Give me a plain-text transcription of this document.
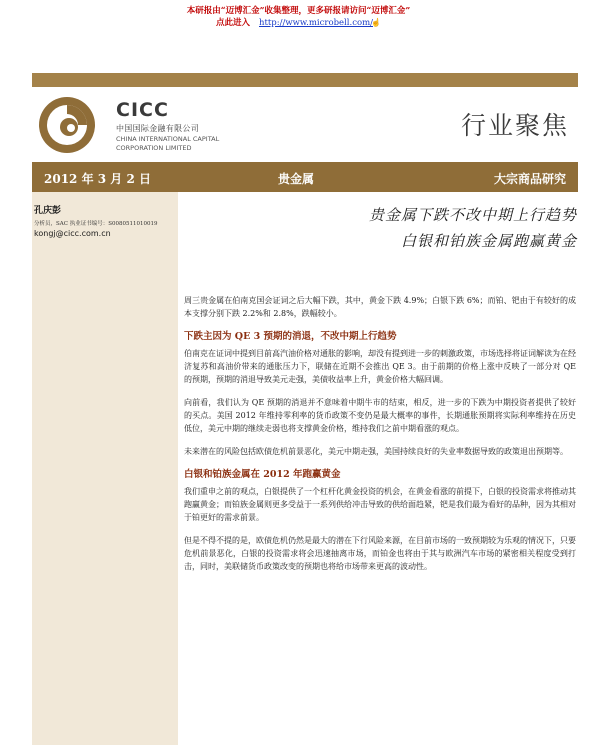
本研报由“迈博汇金”收集整理，更多研报请访问“迈博汇金”
点此进入 http://www.microbell.com/☝
CICC
中国国际金融有限公司
CHINA INTERNATIONAL CAPITAL
CORPORATION LIMITED
行业聚焦
2012 年 3 月 2 日	贵金属	大宗商品研究
孔庆彭
分析员，SAC 执业证书编号：S0080511010019
kongj@cicc.com.cn
贵金属下跌不改中期上行趋势
白银和铂族金属跑赢黄金

周三贵金属在伯南克国会证词之后大幅下跌，其中，黄金下跌 4.9%；白银下跌 6%；而铂、钯由于有较好的成本支撑分别下跌 2.2%和 2.8%，跌幅较小。

下跌主因为 QE 3 预期的消退，不改中期上行趋势

伯南克在证词中提到目前高汽油价格对通胀的影响，却没有提到进一步的刺激政策，市场选择将证词解读为在经济复苏和高油价带来的通胀压力下，联储在近期不会推出 QE 3。由于前期的价格上涨中反映了一部分对 QE 的预期，预期的消退导致美元走强，美债收益率上升，黄金价格大幅回调。

向前看，我们认为 QE 预期的消退并不意味着中期牛市的结束，相反，进一步的下跌为中期投资者提供了较好的买点。美国 2012 年维持零利率的货币政策不变仍是最大概率的事件，长期通胀预期将实际利率维持在历史低位，美元中期的继续走弱也将支撑黄金价格，维持我们之前中期看涨的观点。

未来潜在的风险包括欧债危机前景恶化，美元中期走强，美国持续良好的失业率数据导致的政策退出预期等。

白银和铂族金属在 2012 年跑赢黄金

我们重申之前的观点，白银提供了一个杠杆化黄金投资的机会，在黄金看涨的前提下，白银的投资需求将推动其跑赢黄金；而铂族金属则更多受益于一系列供给冲击导致的供给面趋紧，钯是我们最为看好的品种，因为其相对于铂更好的需求前景。

但是不得不提的是，欧债危机仍然是最大的潜在下行风险来源，在目前市场的一致预期较为乐观的情况下，只要危机前景恶化，白银的投资需求将会迅速抽离市场，而铂金也将由于其与欧洲汽车市场的紧密相关程度受到打击，同时，美联储货币政策改变的预期也将给市场带来更高的波动性。
